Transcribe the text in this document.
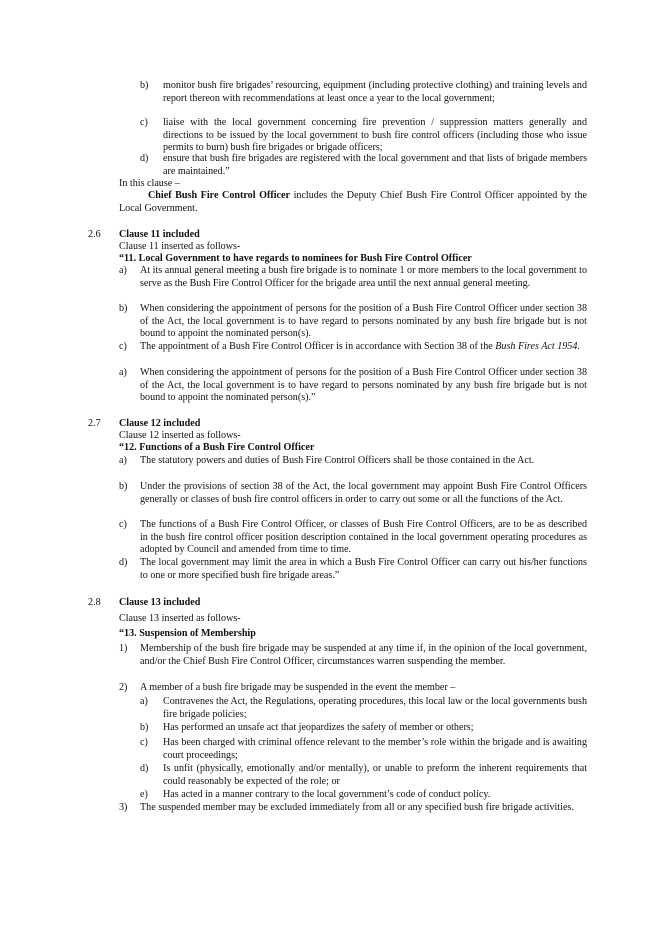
b) monitor bush fire brigades’ resourcing, equipment (including protective clothing) and training levels and report thereon with recommendations at least once a year to the local government;
c) liaise with the local government concerning fire prevention / suppression matters generally and directions to be issued by the local government to bush fire control officers (including those who issue permits to burn) bush fire brigades or brigade officers;
d) ensure that bush fire brigades are registered with the local government and that lists of brigade members are maintained.”
In this clause –
Chief Bush Fire Control Officer includes the Deputy Chief Bush Fire Control Officer appointed by the Local Government.
2.6 Clause 11 included
Clause 11 inserted as follows-
“11. Local Government to have regards to nominees for Bush Fire Control Officer
a) At its annual general meeting a bush fire brigade is to nominate 1 or more members to the local government to serve as the Bush Fire Control Officer for the brigade area until the next annual general meeting.
b) When considering the appointment of persons for the position of a Bush Fire Control Officer under section 38 of the Act, the local government is to have regard to persons nominated by any bush fire brigade but is not bound to appoint the nominated person(s).
c) The appointment of a Bush Fire Control Officer is in accordance with Section 38 of the Bush Fires Act 1954.
a) When considering the appointment of persons for the position of a Bush Fire Control Officer under section 38 of the Act, the local government is to have regard to persons nominated by any bush fire brigade but is not bound to appoint the nominated person(s).”
2.7 Clause 12 included
Clause 12 inserted as follows-
“12. Functions of a Bush Fire Control Officer
a) The statutory powers and duties of Bush Fire Control Officers shall be those contained in the Act.
b) Under the provisions of section 38 of the Act, the local government may appoint Bush Fire Control Officers generally or classes of bush fire control officers in order to carry out some or all the functions of the Act.
c) The functions of a Bush Fire Control Officer, or classes of Bush Fire Control Officers, are to be as described in the bush fire control officer position description contained in the local government operating procedures as adopted by Council and amended from time to time.
d) The local government may limit the area in which a Bush Fire Control Officer can carry out his/her functions to one or more specified bush fire brigade areas.”
2.8 Clause 13 included
Clause 13 inserted as follows-
“13. Suspension of Membership
1) Membership of the bush fire brigade may be suspended at any time if, in the opinion of the local government, and/or the Chief Bush Fire Control Officer, circumstances warren suspending the member.
2) A member of a bush fire brigade may be suspended in the event the member –
a) Contravenes the Act, the Regulations, operating procedures, this local law or the local governments bush fire brigade policies;
b) Has performed an unsafe act that jeopardizes the safety of member or others;
c) Has been charged with criminal offence relevant to the member’s role within the brigade and is awaiting court proceedings;
d) Is unfit (physically, emotionally and/or mentally), or unable to preform the inherent requirements that could reasonably be expected of the role; or
e) Has acted in a manner contrary to the local government’s code of conduct policy.
3) The suspended member may be excluded immediately from all or any specified bush fire brigade activities.
